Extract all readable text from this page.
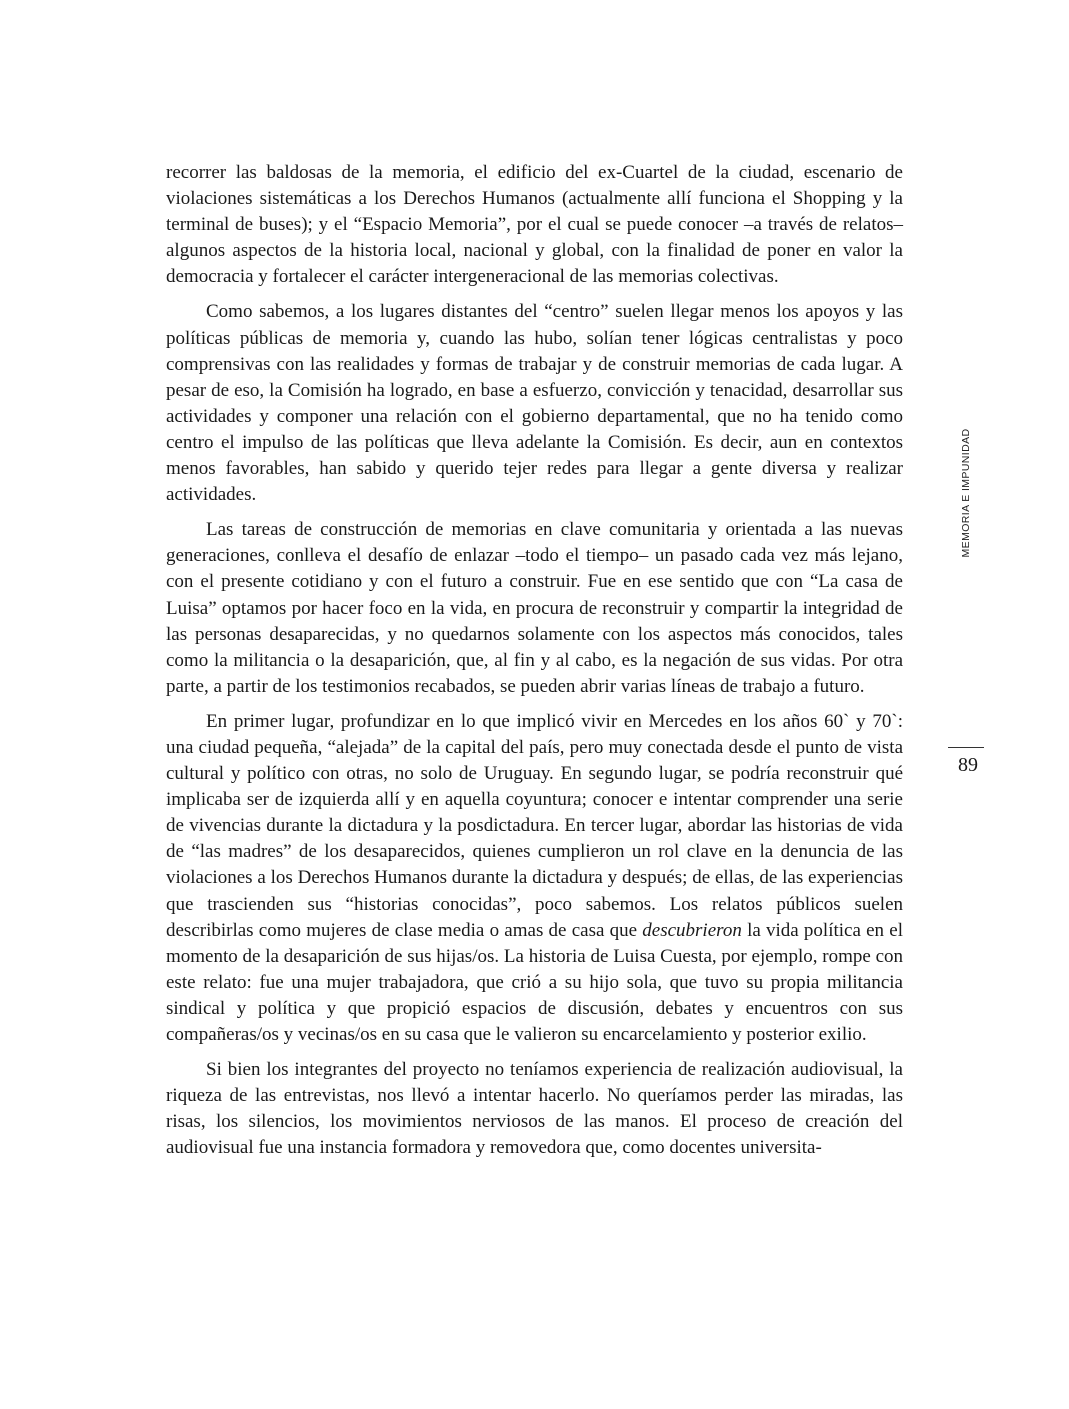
recorrer las baldosas de la memoria, el edificio del ex-Cuartel de la ciudad, escenario de violaciones sistemáticas a los Derechos Humanos (actualmente allí funciona el Shopping y la terminal de buses); y el “Espacio Memoria”, por el cual se puede conocer –a través de relatos– algunos aspectos de la historia local, nacional y global, con la finalidad de poner en valor la democracia y fortalecer el carácter intergeneracional de las memorias colectivas.

Como sabemos, a los lugares distantes del “centro” suelen llegar menos los apoyos y las políticas públicas de memoria y, cuando las hubo, solían tener lógicas centralistas y poco comprensivas con las realidades y formas de trabajar y de construir memorias de cada lugar. A pesar de eso, la Comisión ha logrado, en base a esfuerzo, convicción y tenacidad, desarrollar sus actividades y componer una relación con el gobierno departamental, que no ha tenido como centro el impulso de las políticas que lleva adelante la Comisión. Es decir, aun en contextos menos favorables, han sabido y querido tejer redes para llegar a gente diversa y realizar actividades.

Las tareas de construcción de memorias en clave comunitaria y orientada a las nuevas generaciones, conlleva el desafío de enlazar –todo el tiempo– un pasado cada vez más lejano, con el presente cotidiano y con el futuro a construir. Fue en ese sentido que con “La casa de Luisa” optamos por hacer foco en la vida, en procura de reconstruir y compartir la integridad de las personas desaparecidas, y no quedarnos solamente con los aspectos más conocidos, tales como la militancia o la desaparición, que, al fin y al cabo, es la negación de sus vidas. Por otra parte, a partir de los testimonios recabados, se pueden abrir varias líneas de trabajo a futuro.

En primer lugar, profundizar en lo que implicó vivir en Mercedes en los años 60` y 70`: una ciudad pequeña, “alejada” de la capital del país, pero muy conectada desde el punto de vista cultural y político con otras, no solo de Uruguay. En segundo lugar, se podría reconstruir qué implicaba ser de izquierda allí y en aquella coyuntura; conocer e intentar comprender una serie de vivencias durante la dictadura y la posdictadura. En tercer lugar, abordar las historias de vida de “las madres” de los desaparecidos, quienes cumplieron un rol clave en la denuncia de las violaciones a los Derechos Humanos durante la dictadura y después; de ellas, de las experiencias que trascienden sus “historias conocidas”, poco sabemos. Los relatos públicos suelen describirlas como mujeres de clase media o amas de casa que descubrieron la vida política en el momento de la desaparición de sus hijas/os. La historia de Luisa Cuesta, por ejemplo, rompe con este relato: fue una mujer trabajadora, que crió a su hijo sola, que tuvo su propia militancia sindical y política y que propició espacios de discusión, debates y encuentros con sus compañeras/os y vecinas/os en su casa que le valieron su encarcelamiento y posterior exilio.

Si bien los integrantes del proyecto no teníamos experiencia de realización audiovisual, la riqueza de las entrevistas, nos llevó a intentar hacerlo. No queríamos perder las miradas, las risas, los silencios, los movimientos nerviosos de las manos. El proceso de creación del audiovisual fue una instancia formadora y removedora que, como docentes universita-

MEMORIA E IMPUNIDAD
89
